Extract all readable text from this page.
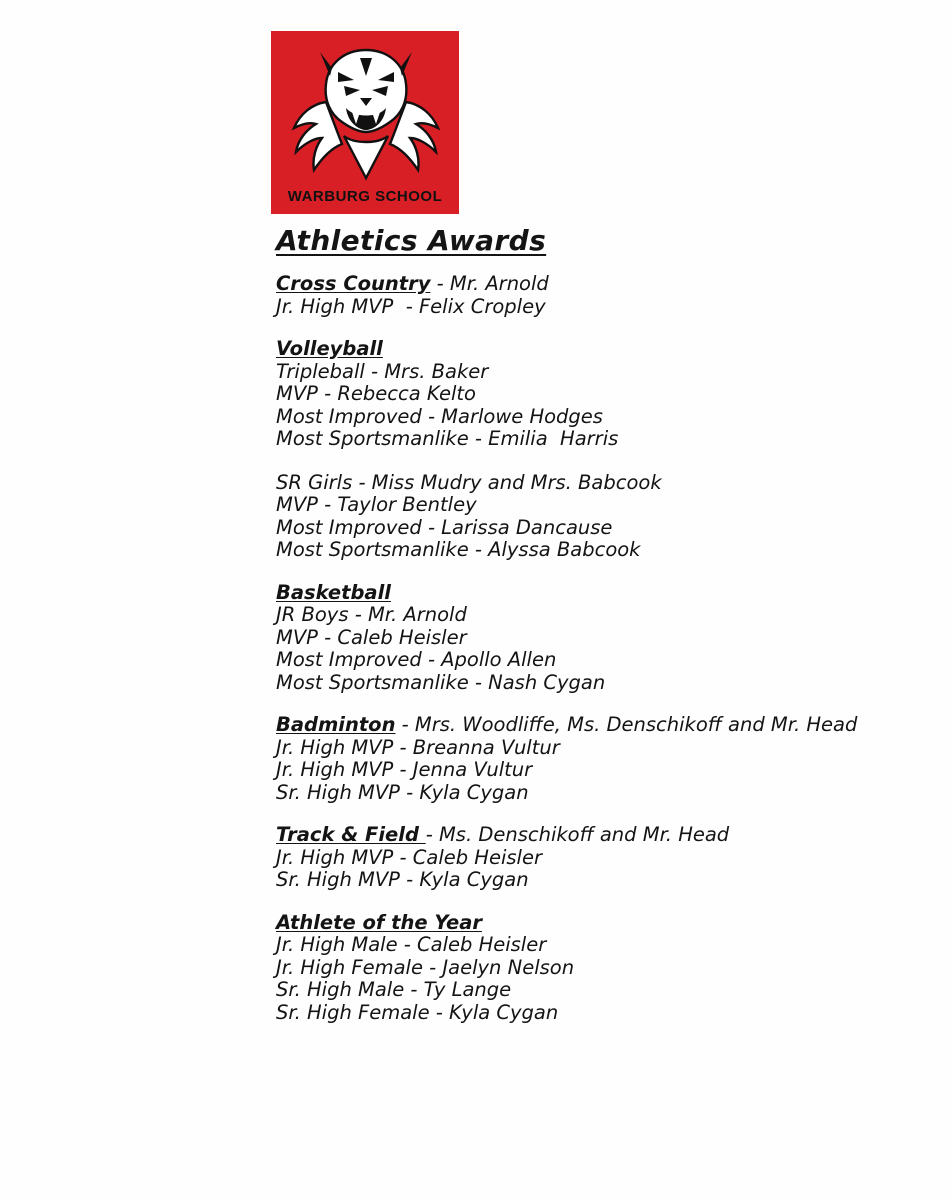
WARBURG SCHOOL
Athletics Awards
Cross Country - Mr. Arnold
Jr. High MVP  - Felix Cropley
Volleyball
Tripleball - Mrs. Baker
MVP - Rebecca Kelto
Most Improved - Marlowe Hodges
Most Sportsmanlike - Emilia  Harris
SR Girls - Miss Mudry and Mrs. Babcook
MVP - Taylor Bentley
Most Improved - Larissa Dancause
Most Sportsmanlike - Alyssa Babcook
Basketball
JR Boys - Mr. Arnold
MVP - Caleb Heisler
Most Improved - Apollo Allen
Most Sportsmanlike - Nash Cygan
Badminton - Mrs. Woodliffe, Ms. Denschikoff and Mr. Head
Jr. High MVP - Breanna Vultur
Jr. High MVP - Jenna Vultur
Sr. High MVP - Kyla Cygan
Track & Field - Ms. Denschikoff and Mr. Head
Jr. High MVP - Caleb Heisler
Sr. High MVP - Kyla Cygan
Athlete of the Year
Jr. High Male - Caleb Heisler
Jr. High Female - Jaelyn Nelson
Sr. High Male - Ty Lange
Sr. High Female - Kyla Cygan
